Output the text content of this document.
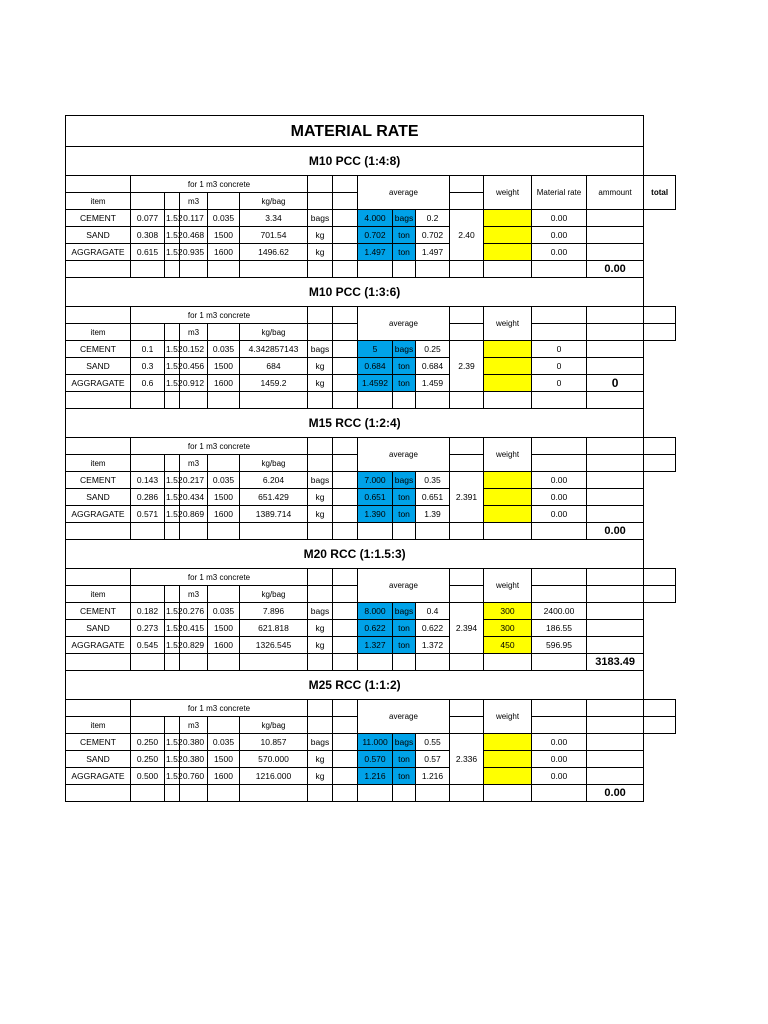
MATERIAL RATE															
M10 PCC (1:4:8)															
	for 1 m3 concrete							average				weight	Material rate	ammount	total
item			m3		kg/bag										
CEMENT	0.077	1.52	0.117	0.035	3.34	bags		4.000	bags	0.2	2.40		0.00		
SAND	0.308	1.52	0.468	1500	701.54	kg		0.702	ton	0.702			0.00		
AGGRAGATE	0.615	1.52	0.935	1600	1496.62	kg		1.497	ton	1.497			0.00		
														0.00	
M10 PCC (1:3:6)															
	for 1 m3 concrete							average				weight			
item			m3		kg/bag										
CEMENT	0.1	1.52	0.152	0.035	4.342857143	bags		5	bags	0.25	2.39		0		
SAND	0.3	1.52	0.456	1500	684	kg		0.684	ton	0.684			0		
AGGRAGATE	0.6	1.52	0.912	1600	1459.2	kg		1.4592	ton	1.459			0	0	

M15 RCC (1:2:4)															
	for 1 m3 concrete							average				weight			
item			m3		kg/bag										
CEMENT	0.143	1.52	0.217	0.035	6.204	bags		7.000	bags	0.35	2.391		0.00		
SAND	0.286	1.52	0.434	1500	651.429	kg		0.651	ton	0.651			0.00		
AGGRAGATE	0.571	1.52	0.869	1600	1389.714	kg		1.390	ton	1.39			0.00		
														0.00	
M20 RCC (1:1.5:3)															
	for 1 m3 concrete							average				weight			
item			m3		kg/bag										
CEMENT	0.182	1.52	0.276	0.035	7.896	bags		8.000	bags	0.4	2.394	300	2400.00		
SAND	0.273	1.52	0.415	1500	621.818	kg		0.622	ton	0.622		300	186.55		
AGGRAGATE	0.545	1.52	0.829	1600	1326.545	kg		1.327	ton	1.372		450	596.95		
														3183.49	
M25 RCC (1:1:2)															
	for 1 m3 concrete							average				weight			
item			m3		kg/bag										
CEMENT	0.250	1.52	0.380	0.035	10.857	bags		11.000	bags	0.55	2.336		0.00		
SAND	0.250	1.52	0.380	1500	570.000	kg		0.570	ton	0.57			0.00		
AGGRAGATE	0.500	1.52	0.760	1600	1216.000	kg		1.216	ton	1.216			0.00		
														0.00	
